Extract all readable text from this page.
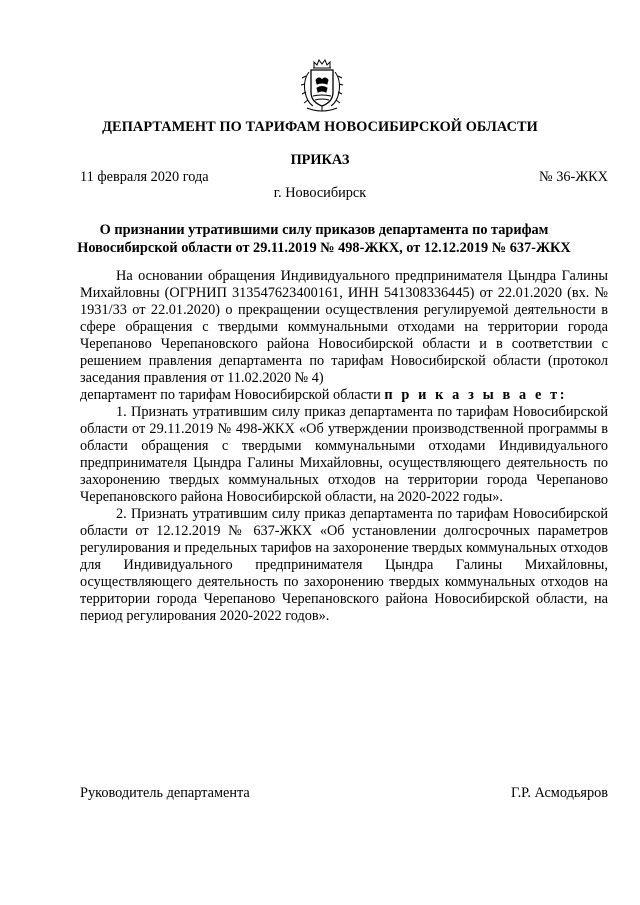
ДЕПАРТАМЕНТ ПО ТАРИФАМ НОВОСИБИРСКОЙ ОБЛАСТИ
ПРИКАЗ
11 февраля 2020 года	№ 36-ЖКХ
г. Новосибирск
О признании утратившими силу приказов департамента по тарифам
Новосибирской области от 29.11.2019 № 498-ЖКХ, от 12.12.2019 № 637-ЖКХ

На основании обращения Индивидуального предпринимателя Цындра Галины Михайловны (ОГРНИП 313547623400161, ИНН 541308336445) от 22.01.2020 (вх. № 1931/33 от 22.01.2020) о прекращении осуществления регулируемой деятельности в сфере обращения с твердыми коммунальными отходами на территории города Черепаново Черепановского района Новосибирской области и в соответствии с решением правления департамента по тарифам Новосибирской области (протокол заседания правления от 11.02.2020 № 4)

департамент по тарифам Новосибирской области п р и к а з ы в а е т:

1. Признать утратившим силу приказ департамента по тарифам Новосибирской области от 29.11.2019 № 498-ЖКХ «Об утверждении производственной программы в области обращения с твердыми коммунальными отходами Индивидуального предпринимателя Цындра Галины Михайловны, осуществляющего деятельность по захоронению твердых коммунальных отходов на территории города Черепаново Черепановского района Новосибирской области, на 2020-2022 годы».

2. Признать утратившим силу приказ департамента по тарифам Новосибирской области от 12.12.2019 № 637-ЖКХ «Об установлении долгосрочных параметров регулирования и предельных тарифов на захоронение твердых коммунальных отходов для Индивидуального предпринимателя Цындра Галины Михайловны, осуществляющего деятельность по захоронению твердых коммунальных отходов на территории города Черепаново Черепановского района Новосибирской области, на период регулирования 2020-2022 годов».

Руководитель департамента	Г.Р. Асмодьяров
